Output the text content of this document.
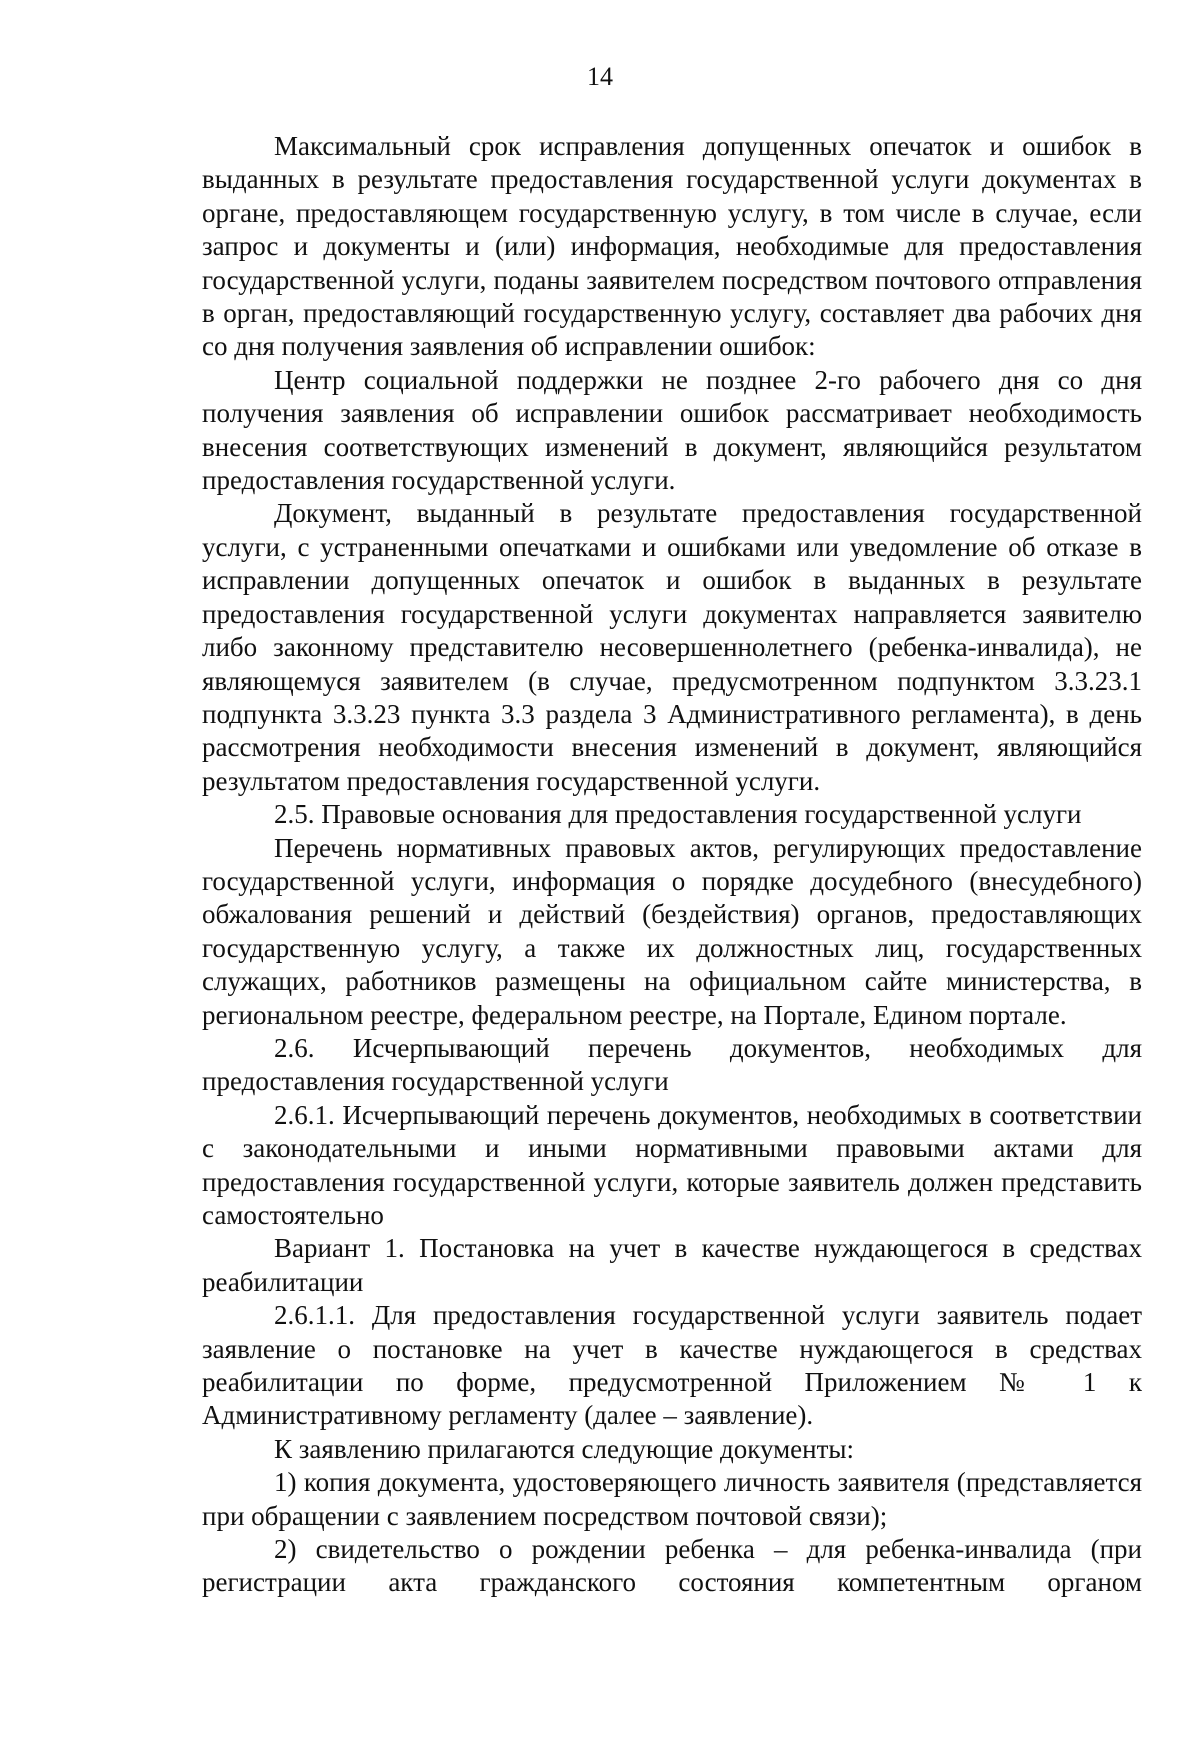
14

Максимальный срок исправления допущенных опечаток и ошибок в выданных в результате предоставления государственной услуги документах в органе, предоставляющем государственную услугу, в том числе в случае, если запрос и документы и (или) информация, необходимые для предоставления государственной услуги, поданы заявителем посредством почтового отправления в орган, предоставляющий государственную услугу, составляет два рабочих дня со дня получения заявления об исправлении ошибок:

Центр социальной поддержки не позднее 2-го рабочего дня со дня получения заявления об исправлении ошибок рассматривает необходимость внесения соответствующих изменений в документ, являющийся результатом предоставления государственной услуги.

Документ, выданный в результате предоставления государственной услуги, с устраненными опечатками и ошибками или уведомление об отказе в исправлении допущенных опечаток и ошибок в выданных в результате предоставления государственной услуги документах направляется заявителю либо законному представителю несовершеннолетнего (ребенка-инвалида), не являющемуся заявителем (в случае, предусмотренном подпунктом 3.3.23.1 подпункта 3.3.23 пункта 3.3 раздела 3 Административного регламента), в день рассмотрения необходимости внесения изменений в документ, являющийся результатом предоставления государственной услуги.

2.5. Правовые основания для предоставления государственной услуги

Перечень нормативных правовых актов, регулирующих предоставление государственной услуги, информация о порядке досудебного (внесудебного) обжалования решений и действий (бездействия) органов, предоставляющих государственную услугу, а также их должностных лиц, государственных служащих, работников размещены на официальном сайте министерства, в региональном реестре, федеральном реестре, на Портале, Едином портале.

2.6. Исчерпывающий перечень документов, необходимых для предоставления государственной услуги

2.6.1. Исчерпывающий перечень документов, необходимых в соответствии с законодательными и иными нормативными правовыми актами для предоставления государственной услуги, которые заявитель должен представить самостоятельно

Вариант 1. Постановка на учет в качестве нуждающегося в средствах реабилитации

2.6.1.1. Для предоставления государственной услуги заявитель подает заявление о постановке на учет в качестве нуждающегося в средствах реабилитации по форме, предусмотренной Приложением № 1 к Административному регламенту (далее – заявление).

К заявлению прилагаются следующие документы:

1) копия документа, удостоверяющего личность заявителя (представляется при обращении с заявлением посредством почтовой связи);

2) свидетельство о рождении ребенка – для ребенка-инвалида (при регистрации акта гражданского состояния компетентным органом
